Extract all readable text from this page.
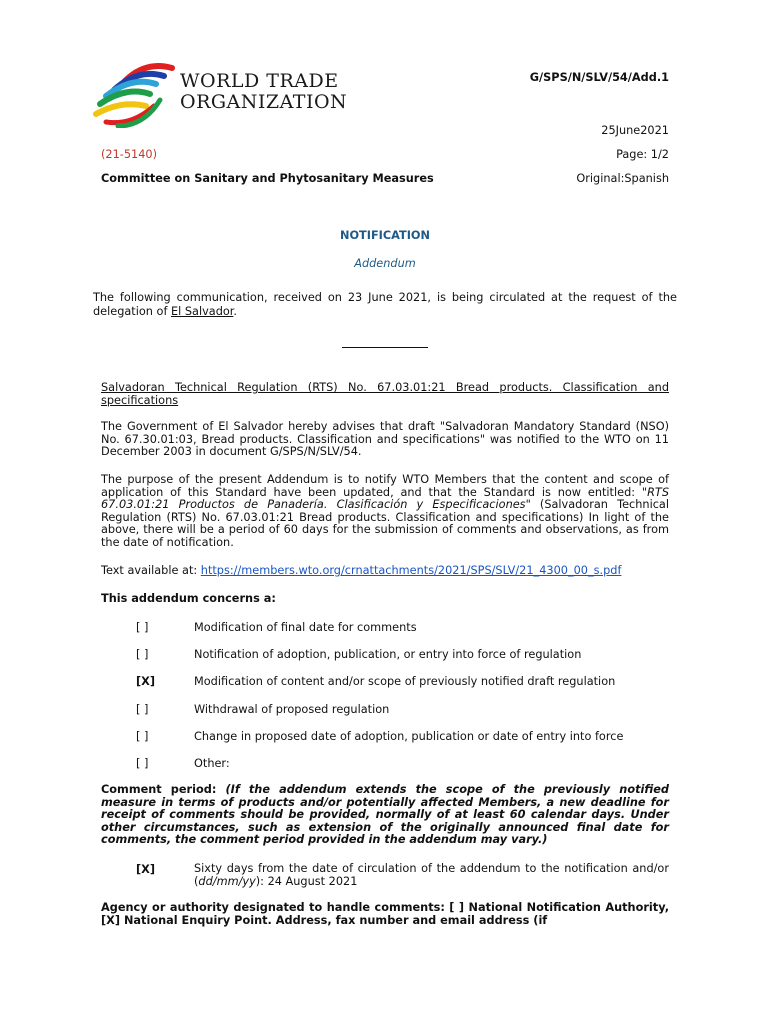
WORLD TRADE
ORGANIZATION
G/SPS/N/SLV/54/Add.1
25June2021
(21-5140)	Page: 1/2
Committee on Sanitary and Phytosanitary Measures	Original:Spanish
NOTIFICATION
Addendum
The following communication, received on 23 June 2021, is being circulated at the request of the delegation of El Salvador.
Salvadoran Technical Regulation (RTS) No. 67.03.01:21 Bread products. Classification and specifications
The Government of El Salvador hereby advises that draft "Salvadoran Mandatory Standard (NSO) No. 67.30.01:03, Bread products. Classification and specifications" was notified to the WTO on 11 December 2003 in document G/SPS/N/SLV/54.
The purpose of the present Addendum is to notify WTO Members that the content and scope of application of this Standard have been updated, and that the Standard is now entitled: "RTS 67.03.01:21 Productos de Panadería. Clasificación y Especificaciones" (Salvadoran Technical Regulation (RTS) No. 67.03.01:21 Bread products. Classification and specifications) In light of the above, there will be a period of 60 days for the submission of comments and observations, as from the date of notification.
Text available at: https://members.wto.org/crnattachments/2021/SPS/SLV/21_4300_00_s.pdf
This addendum concerns a:
[ ]	Modification of final date for comments
[ ]	Notification of adoption, publication, or entry into force of regulation
[X]	Modification of content and/or scope of previously notified draft regulation
[ ]	Withdrawal of proposed regulation
[ ]	Change in proposed date of adoption, publication or date of entry into force
[ ]	Other:
Comment period: (If the addendum extends the scope of the previously notified measure in terms of products and/or potentially affected Members, a new deadline for receipt of comments should be provided, normally of at least 60 calendar days. Under other circumstances, such as extension of the originally announced final date for comments, the comment period provided in the addendum may vary.)
[X]	Sixty days from the date of circulation of the addendum to the notification and/or (dd/mm/yy): 24 August 2021
Agency or authority designated to handle comments: [ ] National Notification Authority, [X] National Enquiry Point. Address, fax number and email address (if
